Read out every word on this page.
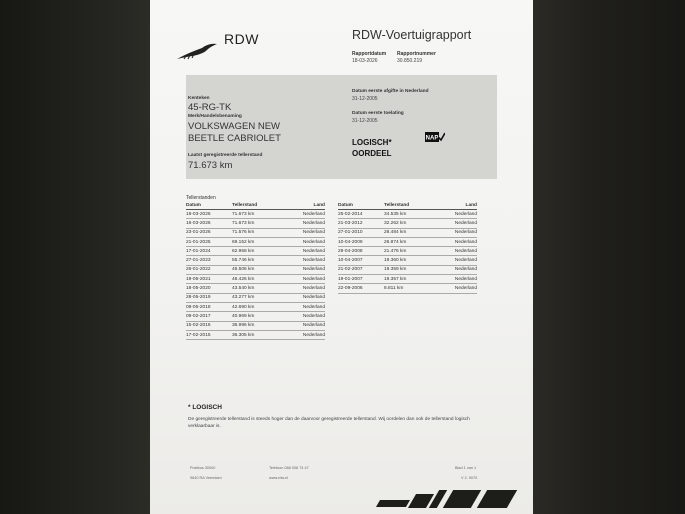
RDW	RDW-Voertuigrapport
Rapportdatum Rapportnummer
18-03-2026	30.850.219
Kenteken
45-RG-TK
Merk/Handelsbenaming
VOLKSWAGEN NEW
BEETLE CABRIOLET
Laatst geregistreerde tellerstand
71.673 km
Datum eerste afgifte in Nederland
31-12-2005
Datum eerste toelating
31-12-2005
LOGISCH*
OORDEEL
NAP
Tellerstanden
Datum	Tellerstand	Land
18-03-2026	71.673 km	Nederland
16-03-2026	71.673 km	Nederland
23-01-2026	71.576 km	Nederland
21-01-2025	69.152 km	Nederland
17-01-2024	62.958 km	Nederland
27-01-2023	55.746 km	Nederland
26-01-2022	46.506 km	Nederland
19-05-2021	46.426 km	Nederland
18-05-2020	43.540 km	Nederland
28-05-2019	43.277 km	Nederland
08-05-2018	42.690 km	Nederland
09-02-2017	40.969 km	Nederland
15-02-2016	36.996 km	Nederland
17-02-2015	36.305 km	Nederland
Datum	Tellerstand	Land
25-02-2014	34.535 km	Nederland
21-03-2012	32.262 km	Nederland
27-01-2010	28.484 km	Nederland
10-04-2009	26.874 km	Nederland
29-04-2008	21.476 km	Nederland
10-04-2007	19.360 km	Nederland
21-02-2007	19.359 km	Nederland
19-01-2007	19.357 km	Nederland
22-09-2006	8.811 km	Nederland
* LOGISCH
De geregistreerde tellerstand is steeds hoger dan de daarvoor geregistreerde tellerstand. Wij oordelen dan ook de tellerstand logisch verklaarbaar is.
Postbus 30000
9640 RA Veendam
Telefoon 088 008 74 47
www.rdw.nl
Blad 1 van 1
V 2. 9070
